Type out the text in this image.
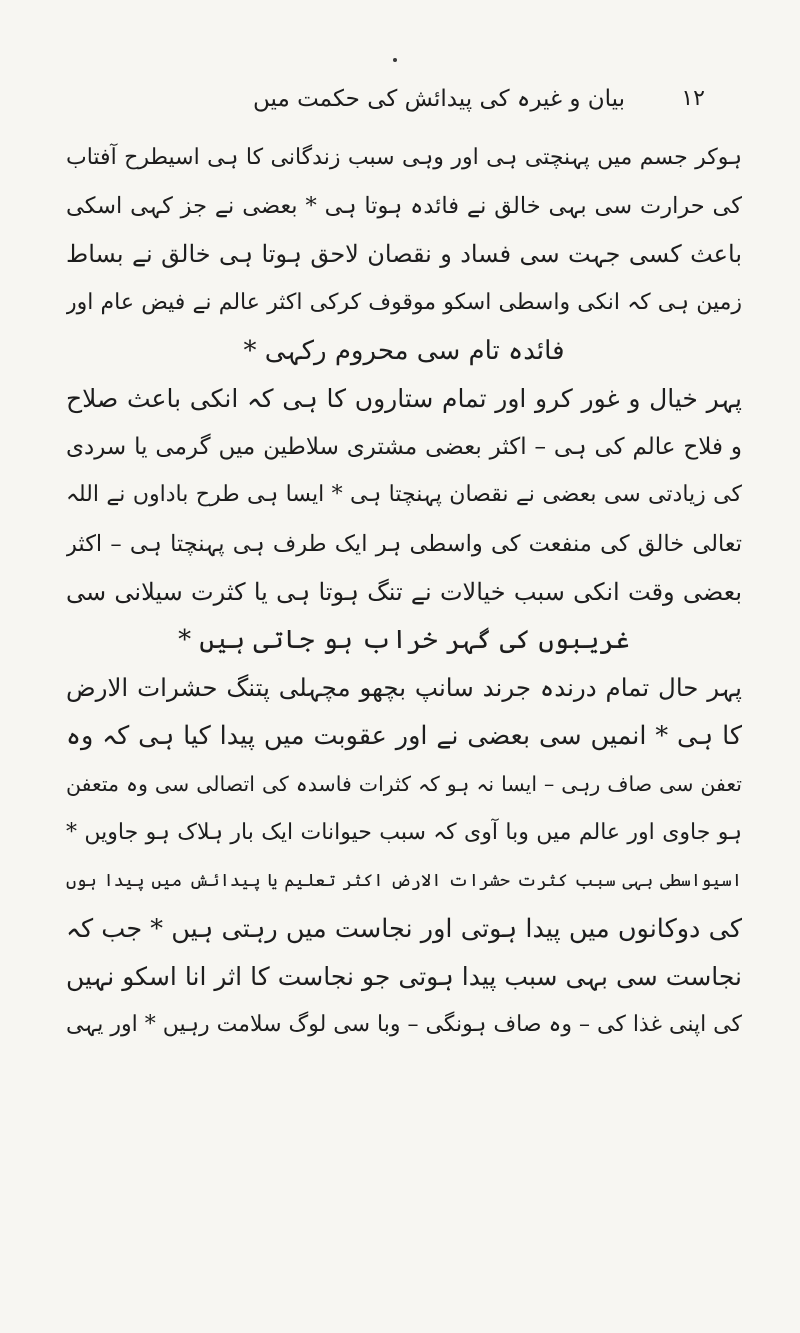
۱۲
بیان و غیرہ کی پیدائش کی حکمت میں
ہوکر جسم میں پہنچتی ہی اور وہی سبب زندگانی کا ہی اسیطرح آفتاب
کی حرارت سی بہی خالق نے فائدہ ہوتا ہی * بعضی نے جز کہی اسکی
باعث کسی جہت سی فساد و نقصان لاحق ہوتا ہی خالق نے بساط
زمین ہی کہ انکی واسطی اسکو موقوف کرکی اکثر عالم نے فیض عام اور
فائدہ تام سی محروم رکہی *
پہر خیال و غور کرو اور تمام ستاروں کا ہی کہ انکی باعث صلاح
و فلاح عالم کی ہی – اکثر بعضی مشتری سلاطین میں گرمی یا سردی
کی زیادتی سی بعضی نے نقصان پہنچتا ہی * ایسا ہی طرح باداوں نے اللہ
تعالی خالق کی منفعت کی واسطی ہر ایک طرف ہی پہنچتا ہی – اکثر
بعضی وقت انکی سبب خیالات نے تنگ ہوتا ہی یا کثرت سیلانی سی
غریبوں کی گہر خراب ہو جاتی ہیں *
پہر حال تمام درندہ جرند سانپ بچھو مچہلی پتنگ حشرات الارض
کا ہی * انمیں سی بعضی نے اور عقوبت میں پیدا کیا ہی کہ وہ
تعفن سی صاف رہی – ایسا نہ ہو کہ کثرات فاسدہ کی اتصالی سی وہ متعفن
ہو جاوی اور عالم میں وبا آوی کہ سبب حیوانات ایک بار ہلاک ہو جاویں *
اسیواسطی بہی سبب کثرت حشرات الارض اکثر تعلیم یا پیدائش میں پیدا ہوں
کی دوکانوں میں پیدا ہوتی اور نجاست میں رہتی ہیں * جب کہ
نجاست سی بہی سبب پیدا ہوتی جو نجاست کا اثر انا اسکو نہیں
کی اپنی غذا کی – وہ صاف ہونگی – وبا سی لوگ سلامت رہیں * اور یہی
